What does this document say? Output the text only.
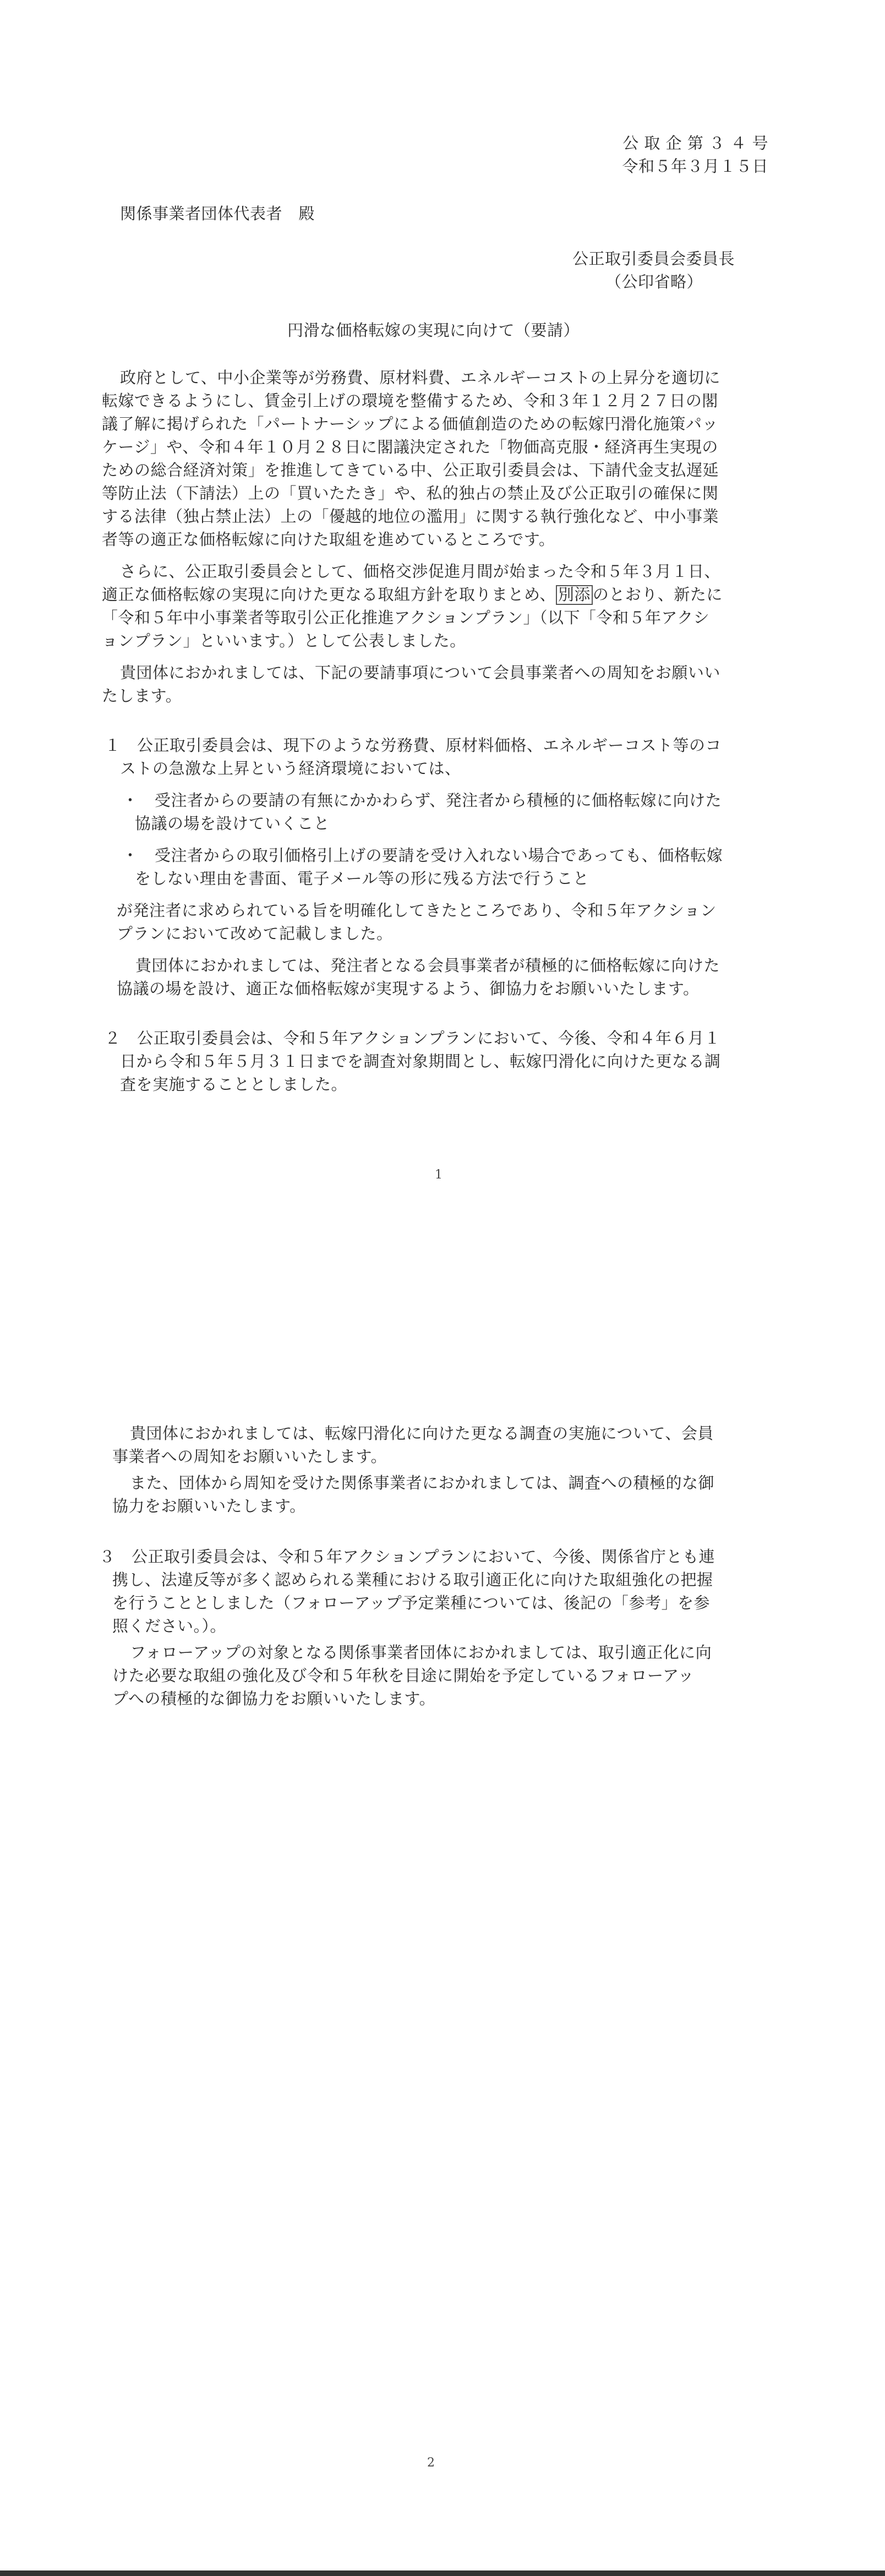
公 取 企 第 ３ ４ 号
令和５年３月１５日
関係事業者団体代表者　殿
公正取引委員会委員長
（公印省略）
円滑な価格転嫁の実現に向けて（要請）
政府として、中小企業等が労務費、原材料費、エネルギーコストの上昇分を適切に
転嫁できるようにし、賃金引上げの環境を整備するため、令和３年１２月２７日の閣
議了解に掲げられた「パートナーシップによる価値創造のための転嫁円滑化施策パッ
ケージ」や、令和４年１０月２８日に閣議決定された「物価高克服・経済再生実現の
ための総合経済対策」を推進してきている中、公正取引委員会は、下請代金支払遅延
等防止法（下請法）上の「買いたたき」や、私的独占の禁止及び公正取引の確保に関
する法律（独占禁止法）上の「優越的地位の濫用」に関する執行強化など、中小事業
者等の適正な価格転嫁に向けた取組を進めているところです。
さらに、公正取引委員会として、価格交渉促進月間が始まった令和５年３月１日、
適正な価格転嫁の実現に向けた更なる取組方針を取りまとめ、 別添 のとおり、新たに
「令和５年中小事業者等取引公正化推進アクションプラン」（以下「令和５年アクシ
ョンプラン」といいます。）として公表しました。
貴団体におかれましては、下記の要請事項について会員事業者への周知をお願いい
たします。
１　公正取引委員会は、現下のような労務費、原材料価格、エネルギーコスト等のコ
ストの急激な上昇という経済環境においては、
・　受注者からの要請の有無にかかわらず、発注者から積極的に価格転嫁に向けた
協議の場を設けていくこと
・　受注者からの取引価格引上げの要請を受け入れない場合であっても、価格転嫁
をしない理由を書面、電子メール等の形に残る方法で行うこと
が発注者に求められている旨を明確化してきたところであり、令和５年アクション
プランにおいて改めて記載しました。
貴団体におかれましては、発注者となる会員事業者が積極的に価格転嫁に向けた
協議の場を設け、適正な価格転嫁が実現するよう、御協力をお願いいたします。
２　公正取引委員会は、令和５年アクションプランにおいて、今後、令和４年６月１
日から令和５年５月３１日までを調査対象期間とし、転嫁円滑化に向けた更なる調
査を実施することとしました。
1
貴団体におかれましては、転嫁円滑化に向けた更なる調査の実施について、会員
事業者への周知をお願いいたします。
また、団体から周知を受けた関係事業者におかれましては、調査への積極的な御
協力をお願いいたします。
３　公正取引委員会は、令和５年アクションプランにおいて、今後、関係省庁とも連
携し、法違反等が多く認められる業種における取引適正化に向けた取組強化の把握
を行うこととしました（フォローアップ予定業種については、後記の「参考」を参
照ください。）。
フォローアップの対象となる関係事業者団体におかれましては、取引適正化に向
けた必要な取組の強化及び令和５年秋を目途に開始を予定しているフォローアッ
プへの積極的な御協力をお願いいたします。
2
